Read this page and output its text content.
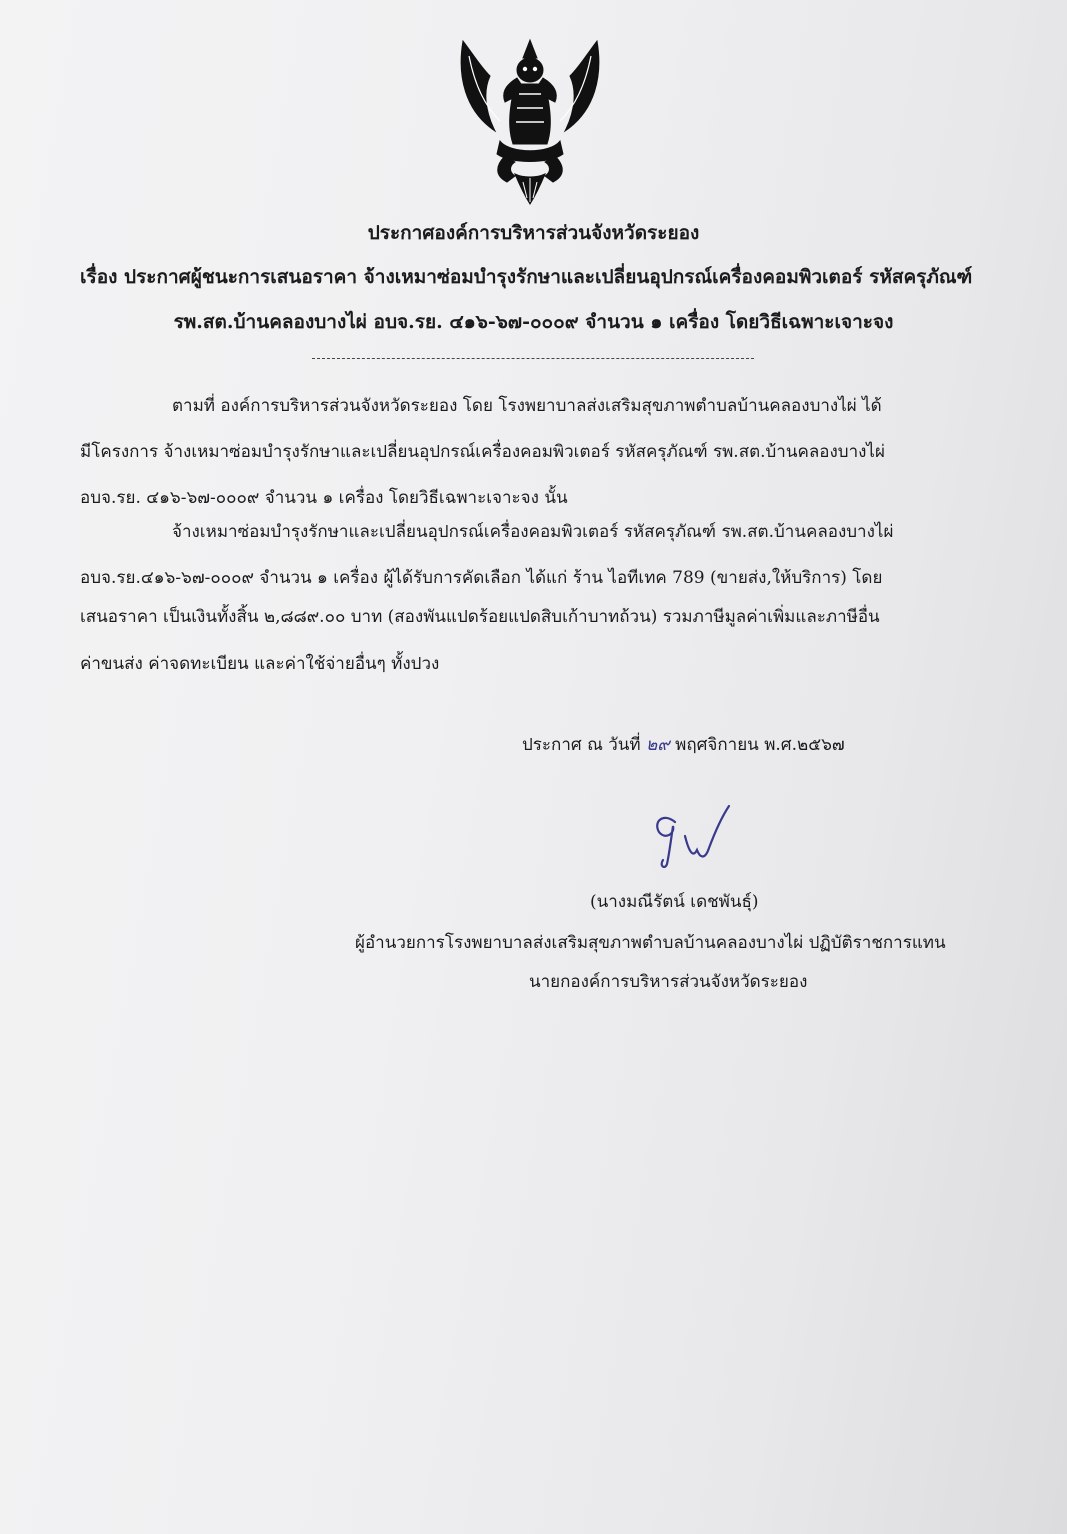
ประกาศองค์การบริหารส่วนจังหวัดระยอง
เรื่อง ประกาศผู้ชนะการเสนอราคา จ้างเหมาซ่อมบำรุงรักษาและเปลี่ยนอุปกรณ์เครื่องคอมพิวเตอร์ รหัสครุภัณฑ์
รพ.สต.บ้านคลองบางไผ่ อบจ.รย. ๔๑๖-๖๗-๐๐๐๙ จำนวน ๑ เครื่อง โดยวิธีเฉพาะเจาะจง
ตามที่ องค์การบริหารส่วนจังหวัดระยอง โดย โรงพยาบาลส่งเสริมสุขภาพตำบลบ้านคลองบางไผ่ ได้
มีโครงการ จ้างเหมาซ่อมบำรุงรักษาและเปลี่ยนอุปกรณ์เครื่องคอมพิวเตอร์ รหัสครุภัณฑ์ รพ.สต.บ้านคลองบางไผ่
อบจ.รย. ๔๑๖-๖๗-๐๐๐๙ จำนวน ๑ เครื่อง โดยวิธีเฉพาะเจาะจง นั้น
จ้างเหมาซ่อมบำรุงรักษาและเปลี่ยนอุปกรณ์เครื่องคอมพิวเตอร์ รหัสครุภัณฑ์ รพ.สต.บ้านคลองบางไผ่
อบจ.รย.๔๑๖-๖๗-๐๐๐๙ จำนวน ๑ เครื่อง ผู้ได้รับการคัดเลือก ได้แก่ ร้าน ไอทีเทค 789 (ขายส่ง,ให้บริการ) โดย
เสนอราคา เป็นเงินทั้งสิ้น ๒,๘๘๙.๐๐ บาท (สองพันแปดร้อยแปดสิบเก้าบาทถ้วน) รวมภาษีมูลค่าเพิ่มและภาษีอื่น
ค่าขนส่ง ค่าจดทะเบียน และค่าใช้จ่ายอื่นๆ ทั้งปวง
ประกาศ ณ วันที่ ๒๙ พฤศจิกายน พ.ศ.๒๕๖๗
(นางมณีรัตน์ เดชพันธุ์)
ผู้อำนวยการโรงพยาบาลส่งเสริมสุขภาพตำบลบ้านคลองบางไผ่ ปฏิบัติราชการแทน
นายกองค์การบริหารส่วนจังหวัดระยอง
